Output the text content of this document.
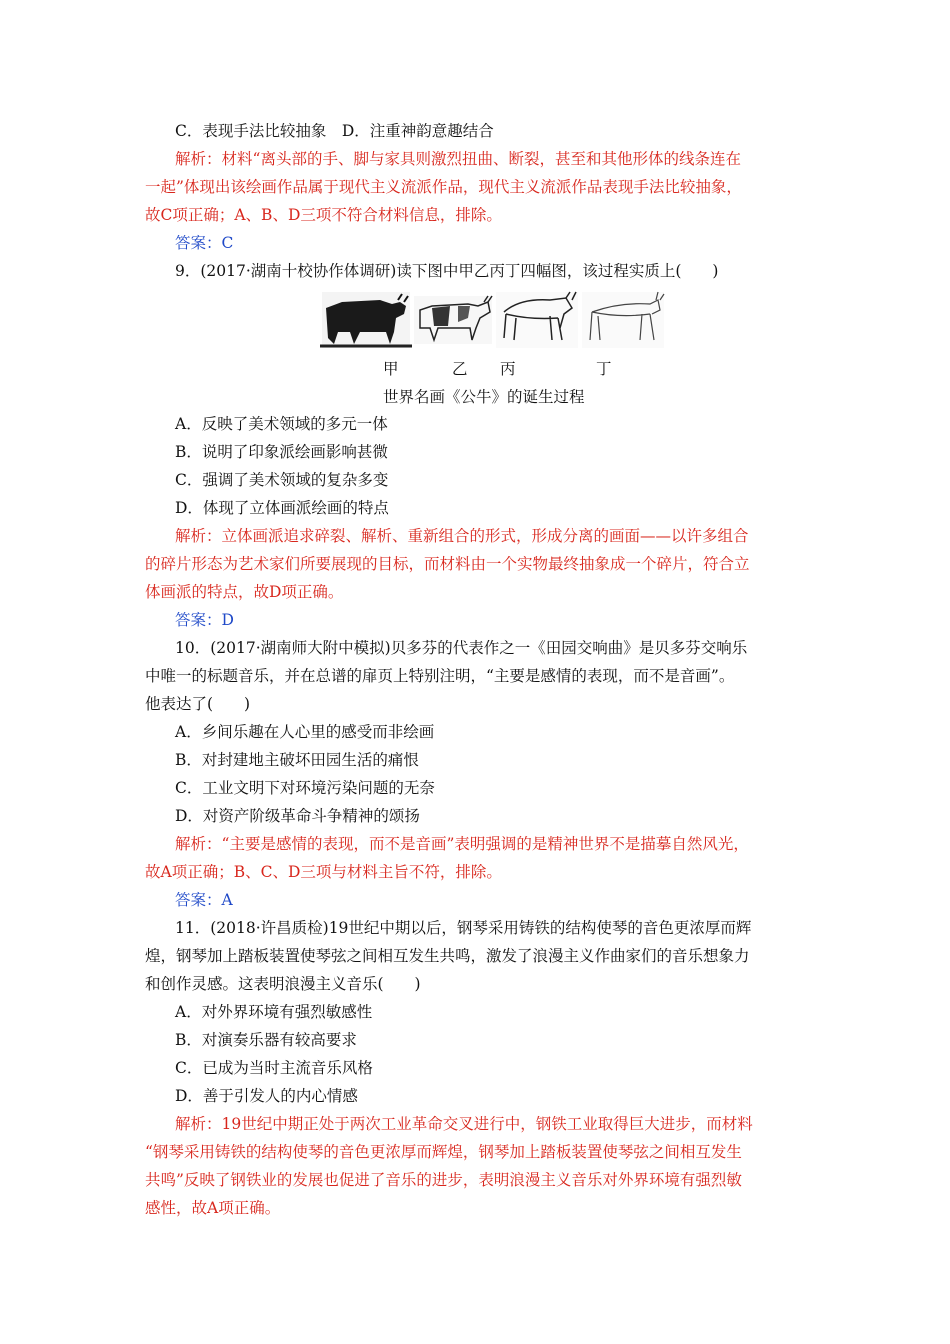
C．表现手法比较抽象　D．注重神韵意趣结合
解析：材料“离头部的手、脚与家具则激烈扭曲、断裂，甚至和其他形体的线条连在
一起”体现出该绘画作品属于现代主义流派作品，现代主义流派作品表现手法比较抽象，
故C项正确；A、B、D三项不符合材料信息，排除。
答案：C
9．(2017·湖南十校协作体调研)读下图中甲乙丙丁四幅图，该过程实质上(　　)
甲	乙 丙	丁
世界名画《公牛》的诞生过程
A．反映了美术领域的多元一体
B．说明了印象派绘画影响甚微
C．强调了美术领域的复杂多变
D．体现了立体画派绘画的特点
解析：立体画派追求碎裂、解析、重新组合的形式，形成分离的画面——以许多组合
的碎片形态为艺术家们所要展现的目标，而材料由一个实物最终抽象成一个碎片，符合立
体画派的特点，故D项正确。
答案：D
10．(2017·湖南师大附中模拟)贝多芬的代表作之一《田园交响曲》是贝多芬交响乐
中唯一的标题音乐，并在总谱的扉页上特别注明，“主要是感情的表现，而不是音画”。
他表达了(　　)
A．乡间乐趣在人心里的感受而非绘画
B．对封建地主破坏田园生活的痛恨
C．工业文明下对环境污染问题的无奈
D．对资产阶级革命斗争精神的颂扬
解析：“主要是感情的表现，而不是音画”表明强调的是精神世界不是描摹自然风光，
故A项正确；B、C、D三项与材料主旨不符，排除。
答案：A
11．(2018·许昌质检)19世纪中期以后，钢琴采用铸铁的结构使琴的音色更浓厚而辉
煌，钢琴加上踏板装置使琴弦之间相互发生共鸣，激发了浪漫主义作曲家们的音乐想象力
和创作灵感。这表明浪漫主义音乐(　　)
A．对外界环境有强烈敏感性
B．对演奏乐器有较高要求
C．已成为当时主流音乐风格
D．善于引发人的内心情感
解析：19世纪中期正处于两次工业革命交叉进行中，钢铁工业取得巨大进步，而材料
“钢琴采用铸铁的结构使琴的音色更浓厚而辉煌，钢琴加上踏板装置使琴弦之间相互发生
共鸣”反映了钢铁业的发展也促进了音乐的进步，表明浪漫主义音乐对外界环境有强烈敏
感性，故A项正确。
